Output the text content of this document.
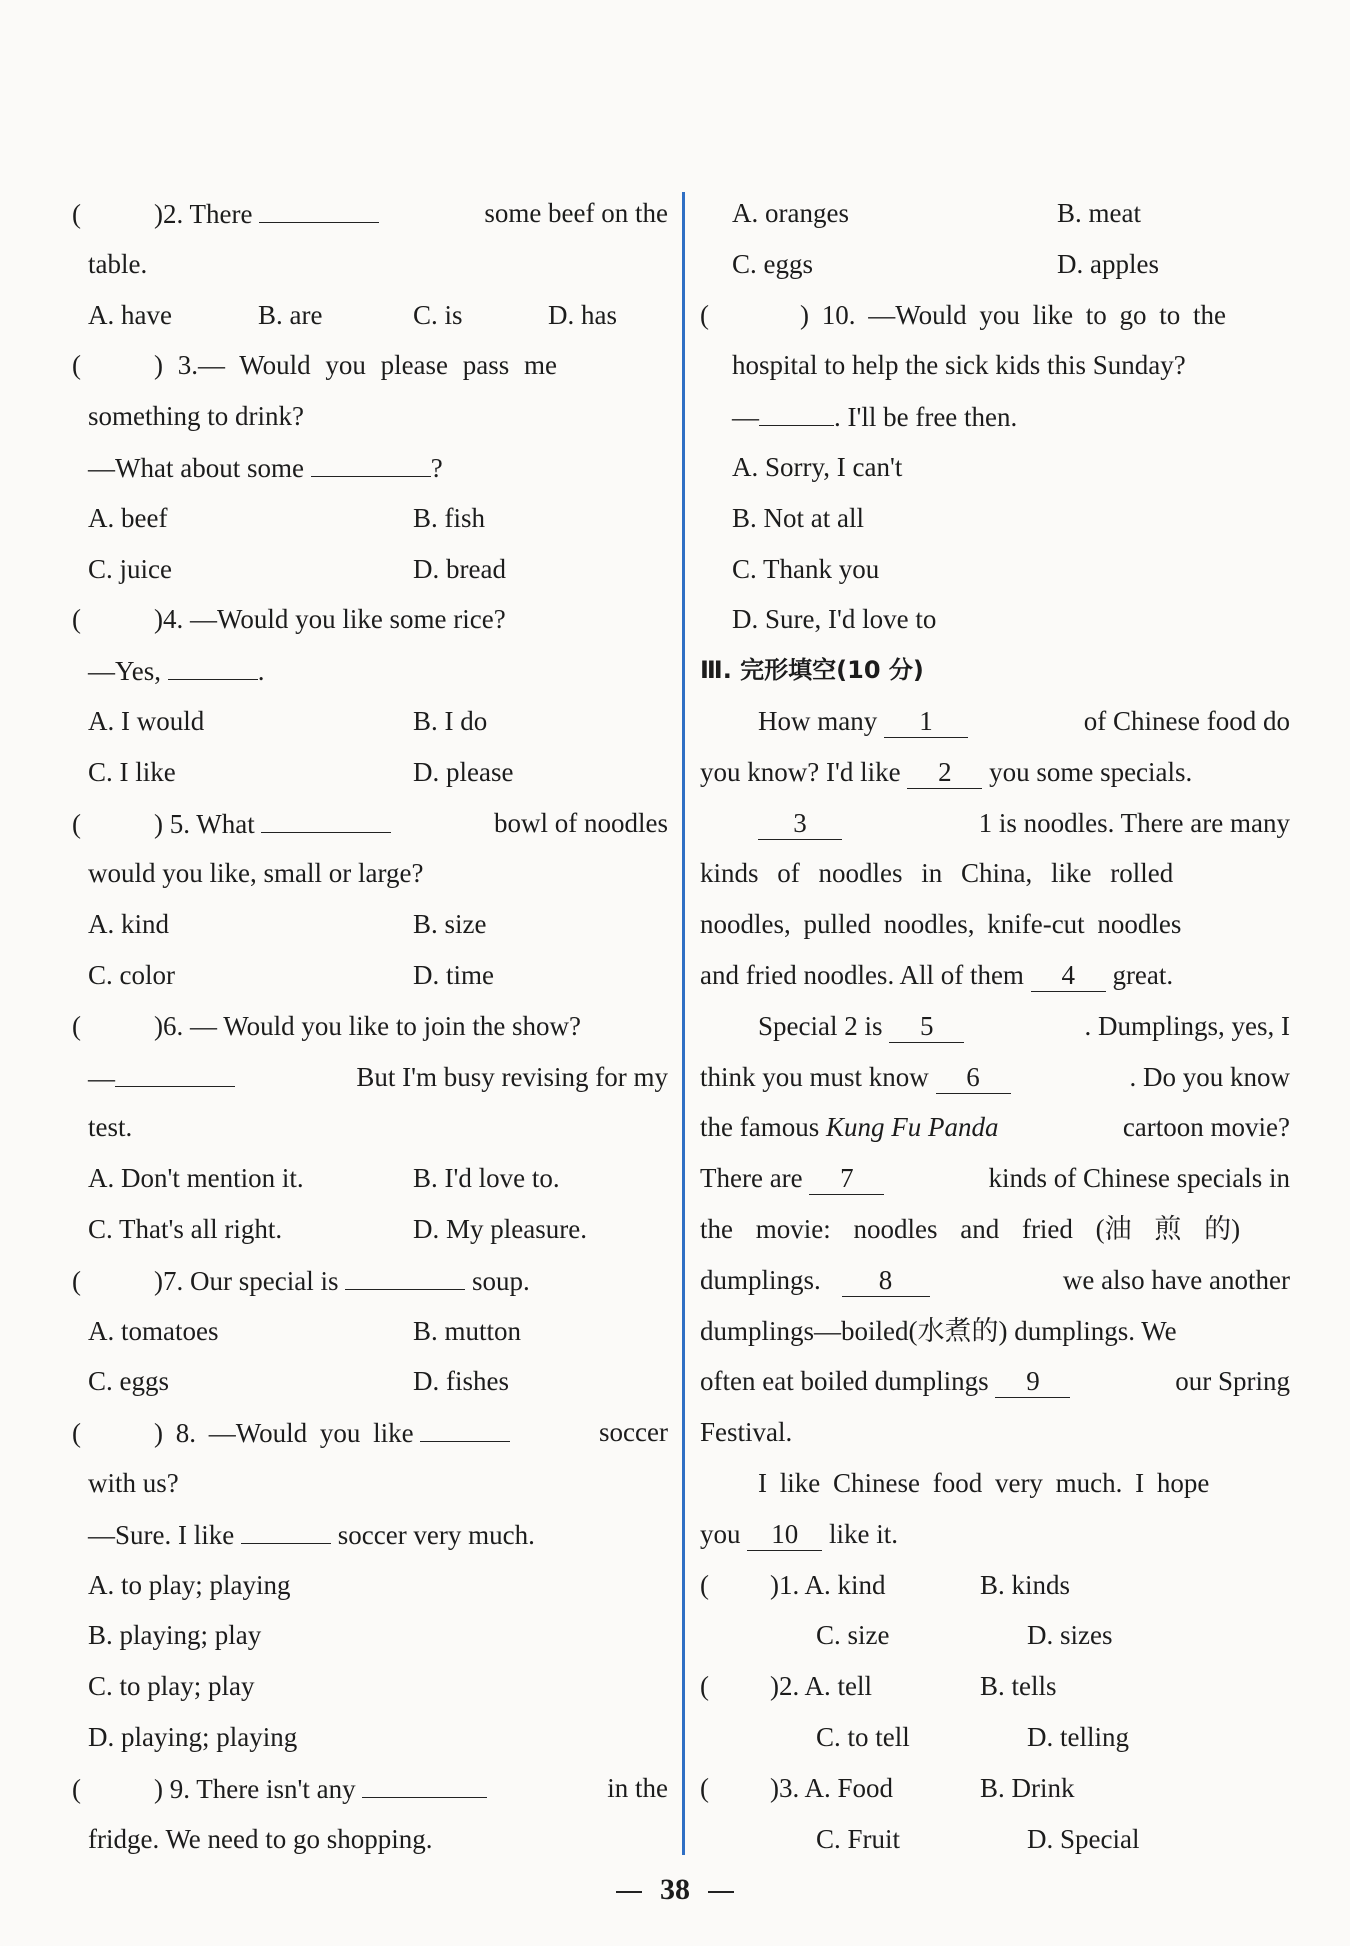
(	)2. There	some beef on the
table.
A. have	B. are	C. is	D. has
(	) 3.— Would you please pass me
something to drink?
—What about some	?
A. beef	B. fish
C. juice	D. bread
(	)4. —Would you like some rice?
—Yes,	.
A. I would	B. I do
C. I like	D. please
(	) 5. What	bowl of noodles
would you like, small or large?
A. kind	B. size
C. color	D. time
(	)6. — Would you like to join the show?
—	But I'm busy revising for my
test.
A. Don't mention it.	B. I'd love to.
C. That's all right.	D. My pleasure.
(	)7. Our special is	soup.
A. tomatoes	B. mutton
C. eggs	D. fishes
(	) 8. —Would you like	soccer
with us?
—Sure. I like	soccer very much.
A. to play; playing
B. playing; play
C. to play; play
D. playing; playing
(	) 9. There isn't any	in the
fridge. We need to go shopping.
A. oranges	B. meat
C. eggs	D. apples
(	) 10. —Would you like to go to the
hospital to help the sick kids this Sunday?
—	. I'll be free then.
A. Sorry, I can't
B. Not at all
C. Thank you
D. Sure, I'd love to
Ⅲ. 完形填空(10 分)
How many 1	of Chinese food do
you know? I'd like 2 you some specials.
3	1 is noodles. There are many
kinds of noodles in China, like rolled
noodles, pulled noodles, knife-cut noodles
and fried noodles. All of them 4 great.
Special 2 is 5	. Dumplings, yes, I
think you must know 6	. Do you know
the famous Kung Fu Panda	cartoon movie?
There are 7	kinds of Chinese specials in
the movie: noodles and fried (油 煎 的)
dumplings. 8	we also have another
dumplings—boiled(水煮的) dumplings. We
often eat boiled dumplings 9	our Spring
Festival.
I like Chinese food very much. I hope
you 10 like it.
( )1. A. kind	B. kinds
C. size	D. sizes
( )2. A. tell	B. tells
C. to tell	D. telling
( )3. A. Food	B. Drink
C. Fruit	D. Special
38
